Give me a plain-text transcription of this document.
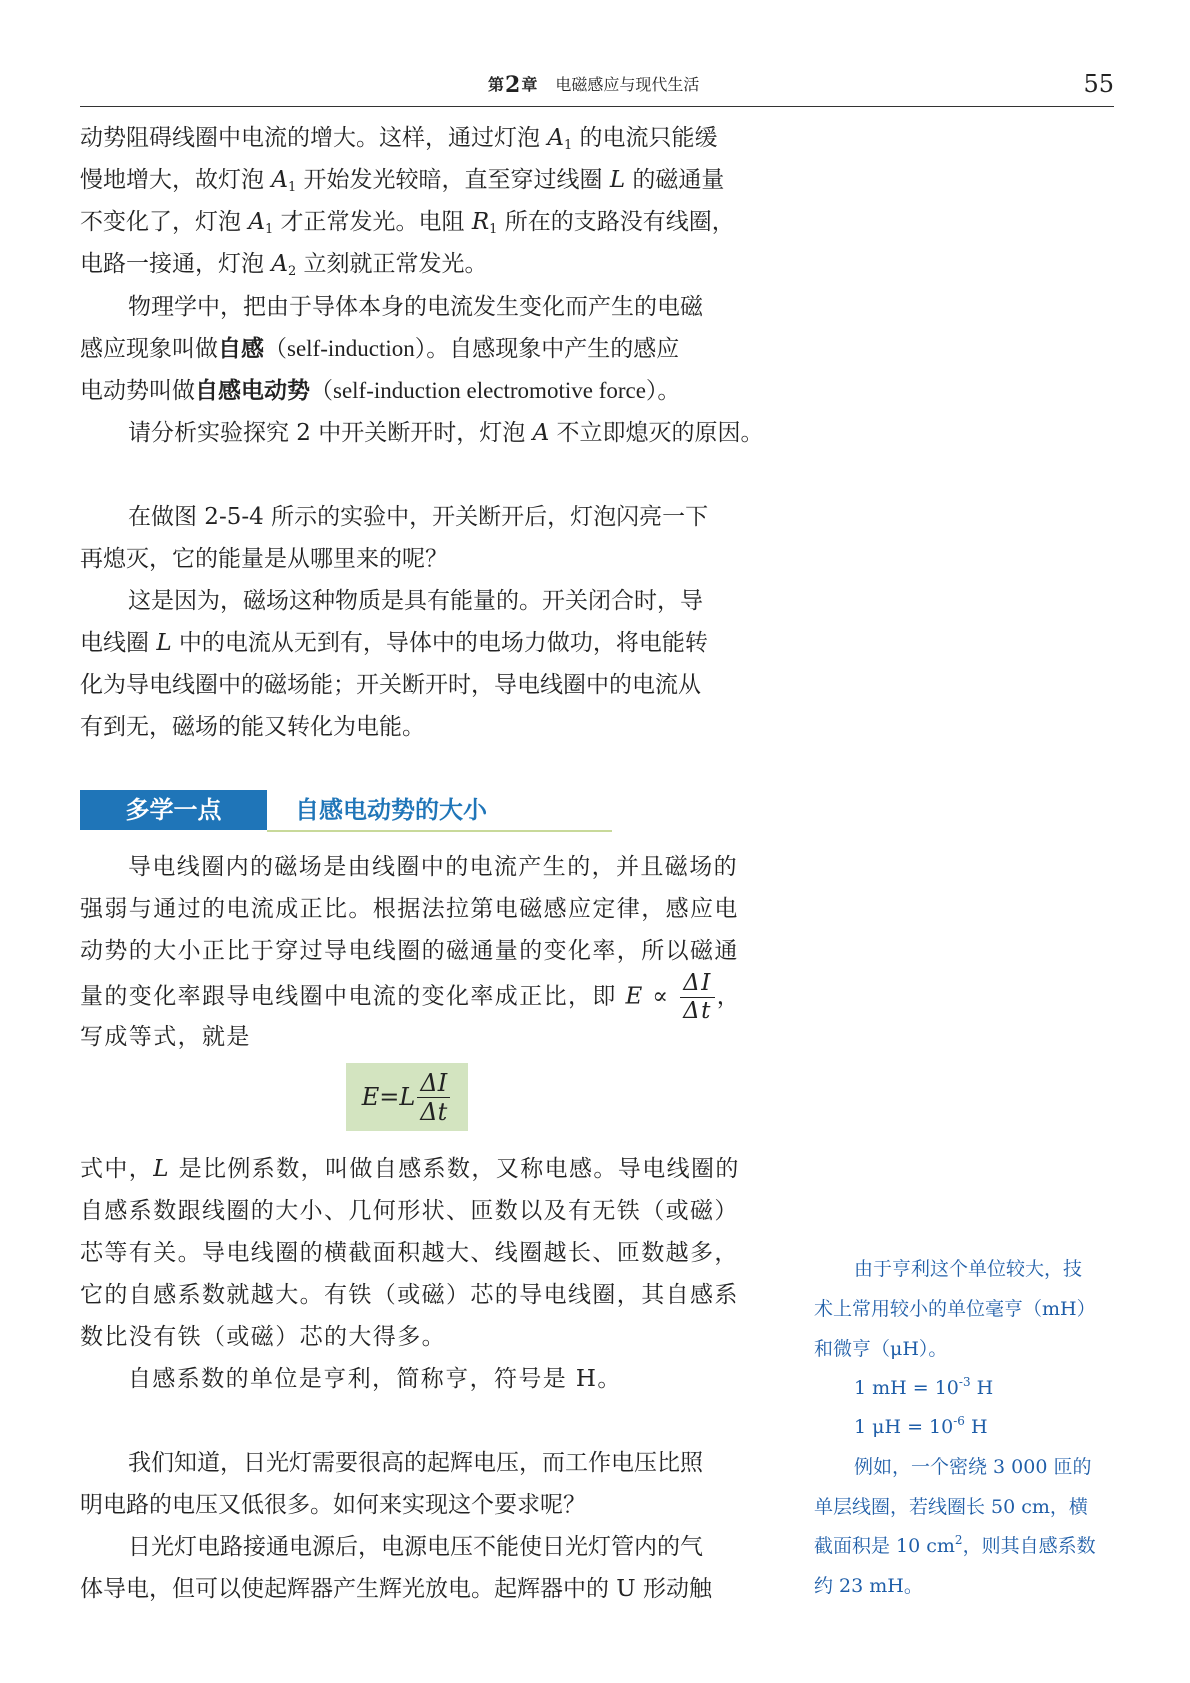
第2章 电磁感应与现代生活	55

动势阻碍线圈中电流的增大。这样，通过灯泡 $A_1$ 的电流只能缓

慢地增大，故灯泡 $A_1$ 开始发光较暗，直至穿过线圈 L 的磁通量

不变化了，灯泡 $A_1$ 才正常发光。电阻 $R_1$ 所在的支路没有线圈，

电路一接通，灯泡 $A_2$ 立刻就正常发光。

物理学中，把由于导体本身的电流发生变化而产生的电磁

感应现象叫做自感（self-induction）。自感现象中产生的感应

电动势叫做自感电动势（self-induction electromotive force）。

请分析实验探究 2 中开关断开时，灯泡 A 不立即熄灭的原因。

在做图 2-5-4 所示的实验中，开关断开后，灯泡闪亮一下

再熄灭，它的能量是从哪里来的呢？

这是因为，磁场这种物质是具有能量的。开关闭合时，导

电线圈 L 中的电流从无到有，导体中的电场力做功，将电能转

化为导电线圈中的磁场能；开关断开时，导电线圈中的电流从

有到无，磁场的能又转化为电能。

多学一点	自感电动势的大小

导电线圈内的磁场是由线圈中的电流产生的，并且磁场的

强弱与通过的电流成正比。根据法拉第电磁感应定律，感应电

动势的大小正比于穿过导电线圈的磁通量的变化率，所以磁通

量的变化率跟导电线圈中电流的变化率成正比，即 $E \propto \frac{\Delta I}{\Delta t}$ ，

写成等式，就是

E = L $\frac{\Delta I}{\Delta t}$

式中，L 是比例系数，叫做自感系数，又称电感。导电线圈的

自感系数跟线圈的大小、几何形状、匝数以及有无铁（或磁）

芯等有关。导电线圈的横截面积越大、线圈越长、匝数越多，

它的自感系数就越大。有铁（或磁）芯的导电线圈，其自感系

数比没有铁（或磁）芯的大得多。

自感系数的单位是亨利，简称亨，符号是 H。

我们知道，日光灯需要很高的起辉电压，而工作电压比照

明电路的电压又低很多。如何来实现这个要求呢？

日光灯电路接通电源后，电源电压不能使日光灯管内的气

体导电，但可以使起辉器产生辉光放电。起辉器中的 U 形动触

由于亨利这个单位较大，技

术上常用较小的单位毫亨（mH）

和微亨（μH）。

1 mH = $10^{-3}$ H

1 $\mu H = 10^{-6}$ H

例如，一个密绕 3 000 匝的

单层线圈，若线圈长 50 cm，横

截面积是 10 $cm^2$，则其自感系数

约 23 mH。
